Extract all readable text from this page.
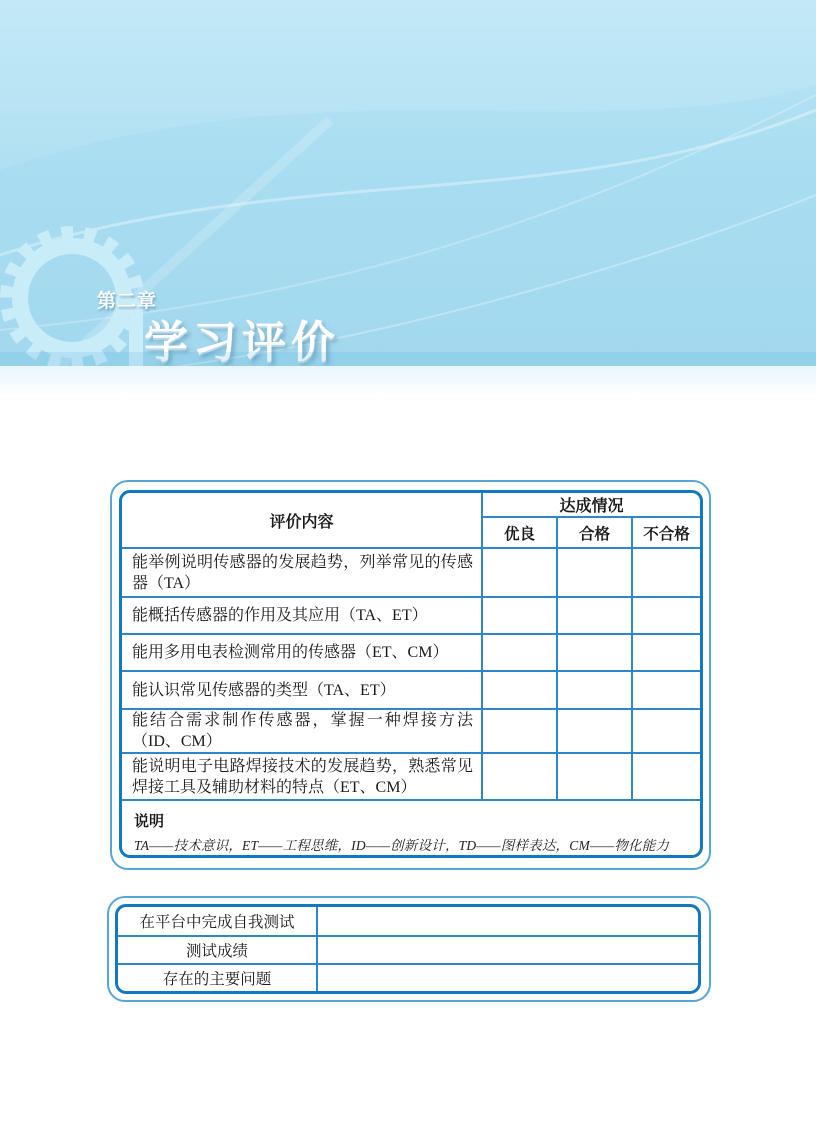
第二章
学习评价
评价内容
达成情况
优良	合格	不合格
能举例说明传感器的发展趋势，列举常见的传感器（TA）
能概括传感器的作用及其应用（TA、ET）
能用多用电表检测常用的传感器（ET、CM）
能认识常见传感器的类型（TA、ET）
能结合需求制作传感器，掌握一种焊接方法（ID、CM）
能说明电子电路焊接技术的发展趋势，熟悉常见焊接工具及辅助材料的特点（ET、CM）
说明
TA——技术意识，ET——工程思维，ID——创新设计，TD——图样表达，CM——物化能力
在平台中完成自我测试
测试成绩
存在的主要问题
